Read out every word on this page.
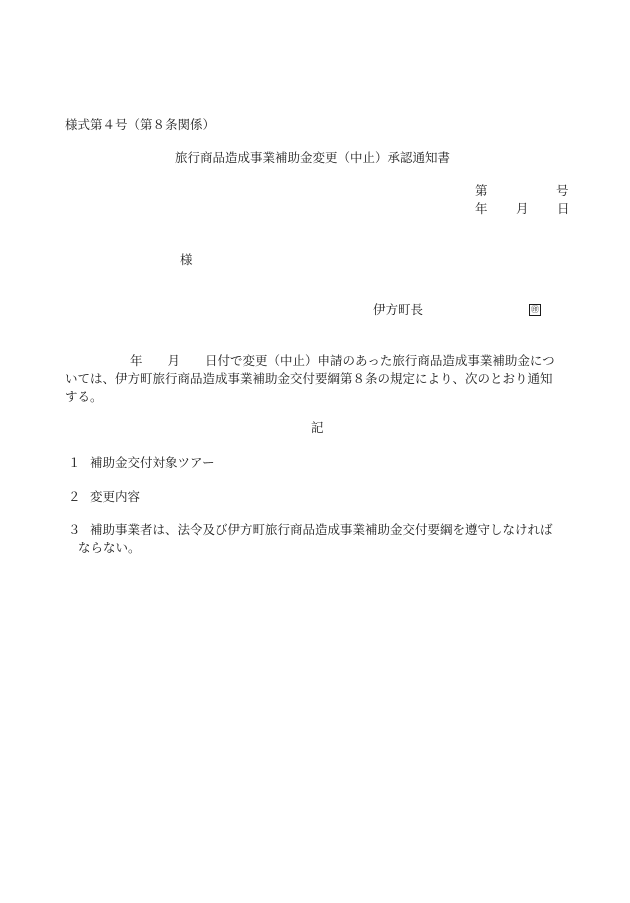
様式第４号（第８条関係）
旅行商品造成事業補助金変更（中止）承認通知書
第	号
年 月 日
様
伊方町長	㊞
年　　月　　日付で変更（中止）申請のあった旅行商品造成事業補助金につ
いては、伊方町旅行商品造成事業補助金交付要綱第８条の規定により、次のとおり通知
する。
記
１ 補助金交付対象ツアー
２ 変更内容
３ 補助事業者は、法令及び伊方町旅行商品造成事業補助金交付要綱を遵守しなければ
ならない。
